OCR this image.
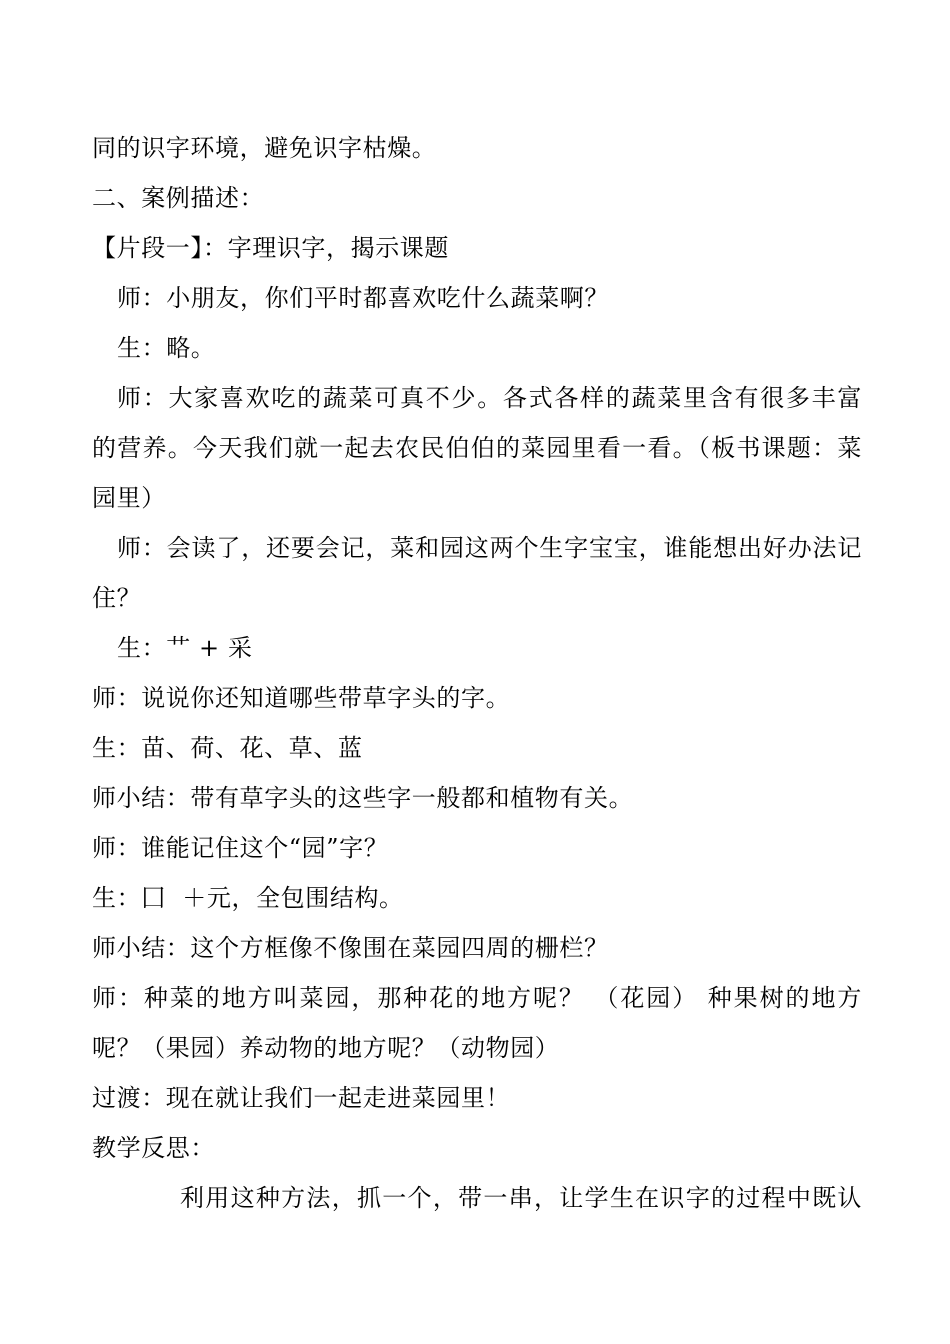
同的识字环境，避免识字枯燥。
二、案例描述：
【片段一】：字理识字，揭示课题
师：小朋友，你们平时都喜欢吃什么蔬菜啊？
生：略。
师：大家喜欢吃的蔬菜可真不少。各式各样的蔬菜里含有很多丰富
的营养。今天我们就一起去农民伯伯的菜园里看一看。（板书课题：菜
园里）
师：会读了，还要会记，菜和园这两个生字宝宝，谁能想出好办法记
住？
生：艹 + 采
师：说说你还知道哪些带草字头的字。
生：苗、荷、花、草、蓝
师小结：带有草字头的这些字一般都和植物有关。
师：谁能记住这个“园”字？
生：囗  ＋元，全包围结构。
师小结：这个方框像不像围在菜园四周的栅栏？
师：种菜的地方叫菜园，那种花的地方呢？ （花园） 种果树的地方
呢？（果园）养动物的地方呢？（动物园）
过渡：现在就让我们一起走进菜园里！
教学反思：
利用这种方法，抓一个，带一串，让学生在识字的过程中既认
